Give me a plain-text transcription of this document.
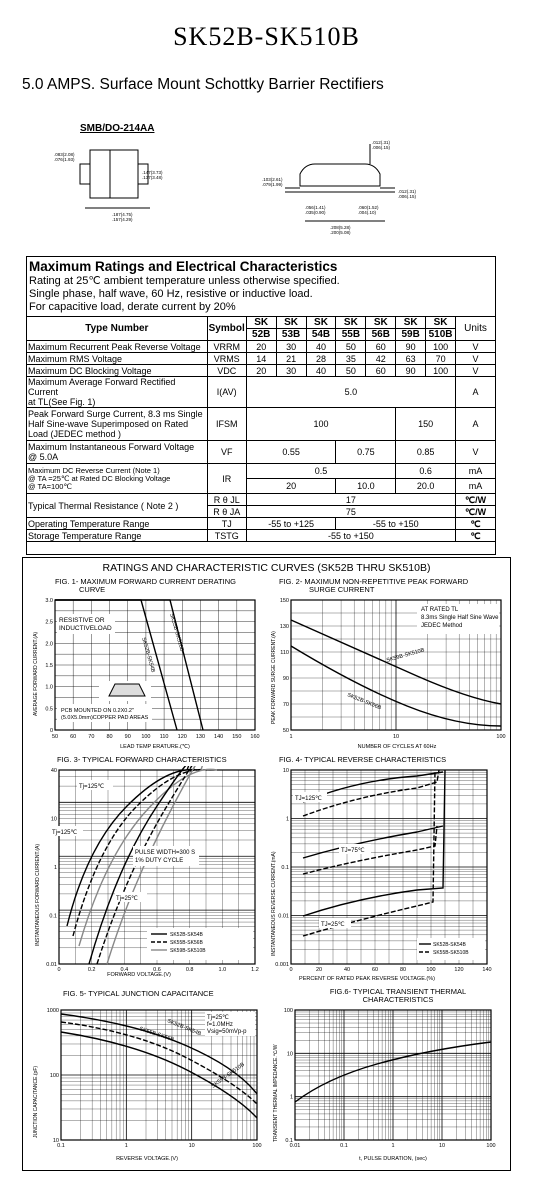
SK52B-SK510B
5.0 AMPS. Surface Mount Schottky Barrier Rectifiers
SMB/DO-214AA
.083(2.08)
.076(1.93)
.147(3.73)
.137(3.48)
.187(4.75)
.157(4.29)
.012(.31)
.006(.15)
.103(2.61)
.079(1.99)
.012(.31)
.006(.15)
.056(1.41)
.035(0.90)
.060(1.52)
.004(.10)
.208(5.28)
.200(5.08)
Maximum Ratings and Electrical Characteristics
Rating at 25℃ ambient temperature unless otherwise specified.
Single phase, half wave, 60 Hz, resistive or inductive load.
For capacitive load, derate current by 20%
Type Number	Symbol	SK	SK	SK	SK	SK	SK	SK	Units
		52B	53B	54B	55B	56B	59B	510B	
Maximum Recurrent Peak Reverse Voltage	VRRM	20	30	40	50	60	90	100	V
Maximum RMS Voltage	VRMS	14	21	28	35	42	63	70	V
Maximum DC Blocking Voltage	VDC	20	30	40	50	60	90	100	V

Maximum Average Forward Rectified Current
at TL(See Fig. 1)	I(AV)	5.0							A

Peak Forward Surge Current, 8.3 ms Single
Half Sine-wave Superimposed on Rated
Load (JEDEC method )	IFSM	100					150		A

Maximum Instantaneous Forward Voltage
@ 5.0A	VF	0.55			0.75		0.85		V

Maximum DC Reverse Current (Note 1)
@ TA =25℃ at Rated DC Blocking Voltage
@ TA=100℃	IR	0.5					0.6		mA
		20			10.0		20.0		mA
Typical Thermal Resistance ( Note 2 )	R θ JL	17							℃/W
	R θ JA	75							℃/W
Operating Temperature Range	TJ	-55 to +125			-55 to +150				℃
Storage Temperature Range	TSTG	-55 to +150							℃
RATINGS AND CHARACTERISTIC CURVES (SK52B THRU SK510B)
FIG. 1- MAXIMUM FORWARD CURRENT DERATING
CURVE
RESISTIVE OR
INDUCTIVELOAD
PCB MOUNTED ON 0.2X0.2"
(5.0X5.0mm)COPPER PAD AREAS
SK52B-SK54B
SK55B-SK510B
3.0
2.5
2.0
1.5
1.0
0.5
0
50 60 70 80 90 100 110 120 130 140 150 160
AVERAGE FORWARD CURRENT.(A)
LEAD TEMP ERATURE.(℃)
FIG. 2- MAXIMUM NON-REPETITIVE PEAK FORWARD
SURGE CURRENT
AT RATED TL
8.3ms Single Half Sine Wave
JEDEC Method
SK59B-SK510B
SK52B-SK56B
150
130
110
90
70
50
1	10	100
PEAK FORWARD SURGE CURRENT.(A)
NUMBER OF CYCLES AT 60Hz
FIG. 3- TYPICAL FORWARD CHARACTERISTICS
PULSE WIDTH=300 S
1% DUTY CYCLE
Tj=125℃
Tj=125℃
Tj=25℃
SK52B-SK54B
SK55B-SK56B
SK59B-SK510B
40
10
1
0.1
0.01
0	0.2	0.4	0.6	0.8	1.0	1.2
INSTANTANEOUS FORWARD CURRENT.(A)
FORWARD VOLTAGE.(V)
FIG. 4- TYPICAL REVERSE CHARACTERISTICS
TJ=125℃
TJ=75℃
TJ=25℃
SK52B-SK54B
SK55B-SK510B
10
1
0.1
0.01
0.001
0	20	40	60	80	100	120	140
INSTANTANEOUS REVERSE CURRENT.(mA)
PERCENT OF RATED PEAK REVERSE VOLTAGE.(%)
FIG. 5- TYPICAL JUNCTION CAPACITANCE
Tj=25℃
f=1.0MHz
Vsig=50mVp-p
SK52B-SK54B
SK55B-SK56B
SK59B-SK510B
1000
100
10
0.1	1	10	100
JUNCTION CAPACITANCE.(pF)
REVERSE VOLTAGE.(V)
FIG.6- TYPICAL TRANSIENT THERMAL
CHARACTERISTICS
100
10
1
0.1
0.01	0.1	1	10	100
TRANSIENT THERMAL IMPEDANCE.℃/W
t, PULSE DURATION, (sec)
